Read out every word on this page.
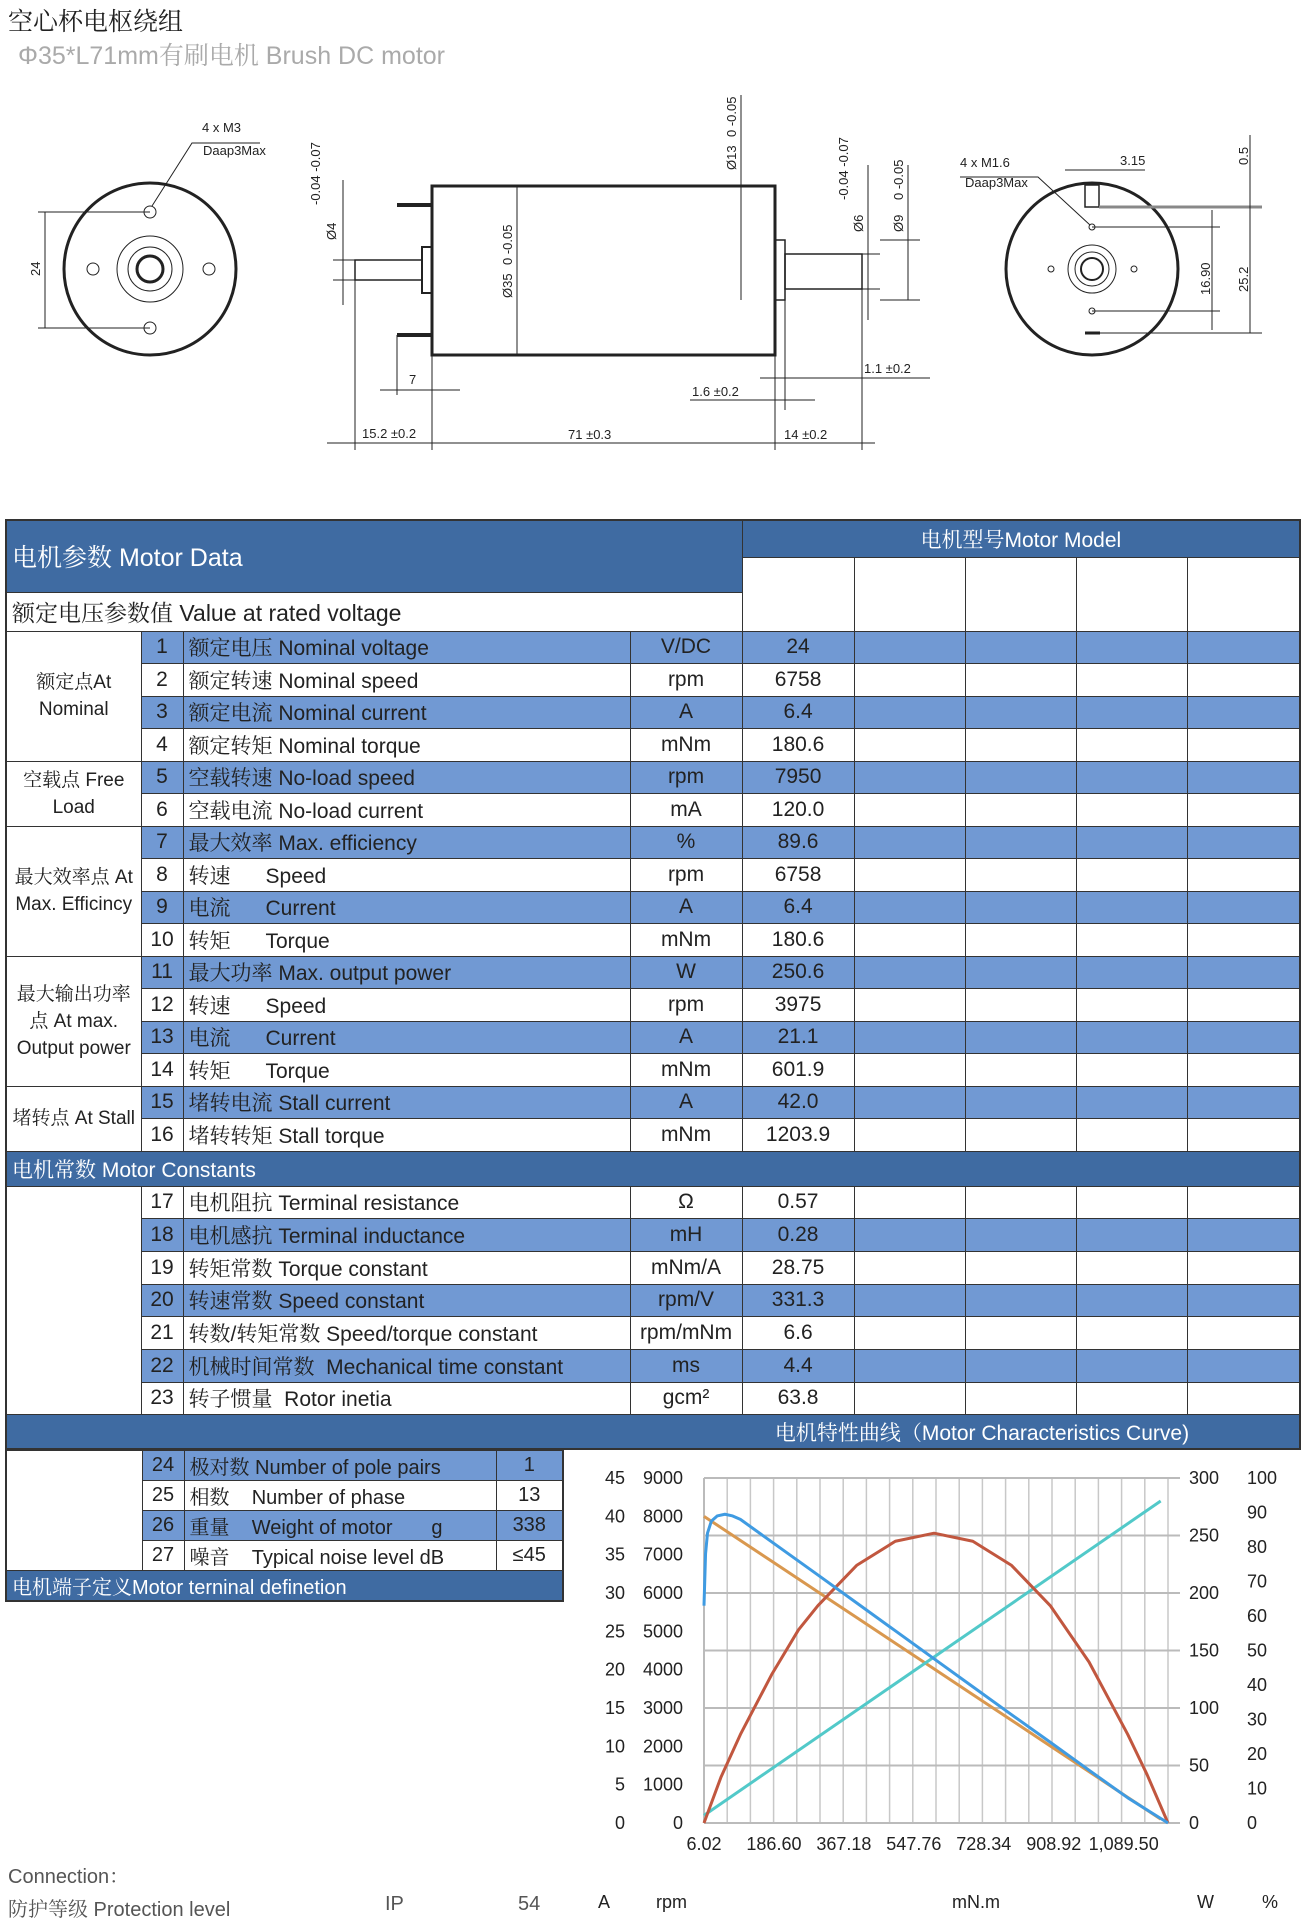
空心杯电枢绕组
Φ35*L71mm有刷电机 Brush DC motor
4 x M3
Daap3Max
24
Ø4
-0.04 -0.07
Ø35
0 -0.05
Ø13
0 -0.05
Ø6
-0.04 -0.07
Ø9
0 -0.05
7
15.2 ±0.2	71 ±0.3	14 ±0.2
1.6 ±0.2
1.1 ±0.2
4 x M1.6
Daap3Max
3.15	0.5
16.90 25.2
电机参数 Motor Data				电机型号Motor Model				

额定电压参数值 Value at rated voltage								
额定点At Nominal	1	额定电压 Nominal voltage	V/DC	24				
	2	额定转速 Nominal speed	rpm	6758				
	3	额定电流 Nominal current	A	6.4				
	4	额定转矩 Nominal torque	mNm	180.6				
空载点 Free Load	5	空载转速 No-load speed	rpm	7950				
	6	空载电流 No-load current	mA	120.0				
最大效率点 At Max. Efficincy	7	最大效率 Max. efficiency	%	89.6				
	8	转速      Speed	rpm	6758				
	9	电流      Current	A	6.4				
	10	转矩      Torque	mNm	180.6				
最大输出功率点 At max. Output power	11	最大功率 Max. output power	W	250.6				
	12	转速      Speed	rpm	3975				
	13	电流      Current	A	21.1				
	14	转矩      Torque	mNm	601.9				
堵转点 At Stall	15	堵转电流 Stall current	A	42.0				
	16	堵转转矩 Stall torque	mNm	1203.9				
电机常数 Motor Constants								
	17	电机阻抗 Terminal resistance	Ω	0.57				
	18	电机感抗 Terminal inductance	mH	0.28				
	19	转矩常数 Torque constant	mNm/A	28.75				
	20	转速常数 Speed constant	rpm/V	331.3				
	21	转数/转矩常数 Speed/torque constant	rpm/mNm	6.6				
	22	机械时间常数  Mechanical time constant	ms	4.4				
	23	转子惯量  Rotor inetia	gcm²	63.8				
电机特性曲线（Motor Characteristics Curve)								
	24	极对数 Number of pole pairs	1
	25	相数    Number of phase	13
	26	重量    Weight of motor       g	338
	27	噪音    Typical noise level dB	≤45
电机端子定义Motor terninal definetion			
0
5
10
15
20
25
30
35
40
45
A
0
1000
2000
3000
4000
5000
6000
7000
8000
9000
rpm
0
50
100
150
200
250
300
W
0
10
20
30
40
50
60
70
80
90
100
%
6.02 186.60 367.18 547.76 728.34 908.92 1,089.50
mN.m
Connection：
防护等级 Protection level	IP	54
